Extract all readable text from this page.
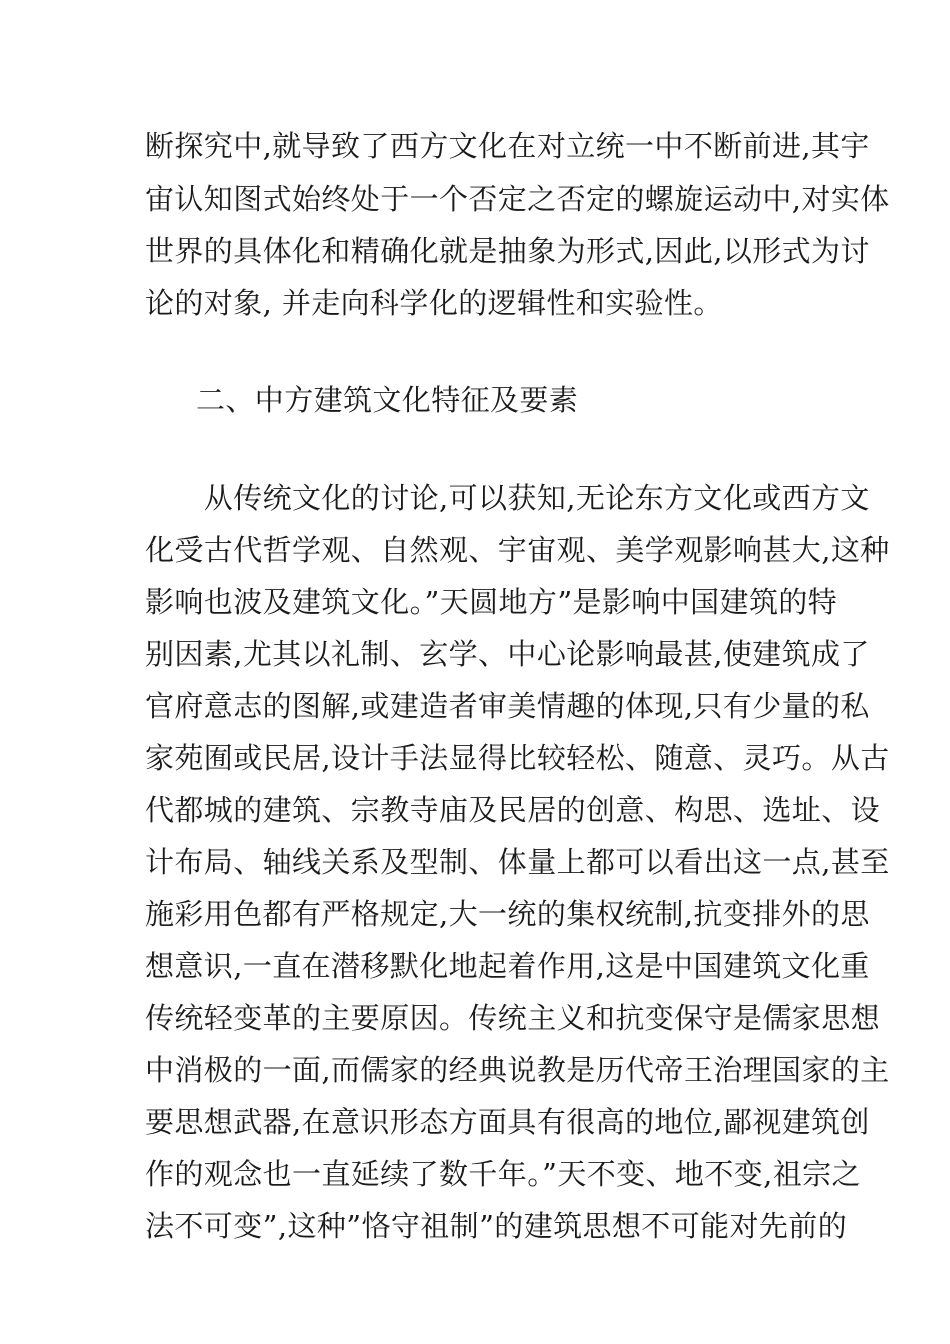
断探究中,就导致了西方文化在对立统一中不断前进,其宇
宙认知图式始终处于一个否定之否定的螺旋运动中,对实体
世界的具体化和精确化就是抽象为形式,因此,以形式为讨
论的对象, 并走向科学化的逻辑性和实验性。
二、中方建筑文化特征及要素
　　从传统文化的讨论,可以获知,无论东方文化或西方文
化受古代哲学观、自然观、宇宙观、美学观影响甚大,这种
影响也波及建筑文化。”天圆地方”是影响中国建筑的特
别因素,尤其以礼制、玄学、中心论影响最甚,使建筑成了
官府意志的图解,或建造者审美情趣的体现,只有少量的私
家苑囿或民居,设计手法显得比较轻松、随意、灵巧。从古
代都城的建筑、宗教寺庙及民居的创意、构思、选址、设
计布局、轴线关系及型制、体量上都可以看出这一点,甚至
施彩用色都有严格规定,大一统的集权统制,抗变排外的思
想意识,一直在潜移默化地起着作用,这是中国建筑文化重
传统轻变革的主要原因。传统主义和抗变保守是儒家思想
中消极的一面,而儒家的经典说教是历代帝王治理国家的主
要思想武器,在意识形态方面具有很高的地位,鄙视建筑创
作的观念也一直延续了数千年。”天不变、地不变,祖宗之
法不可变”,这种”恪守祖制”的建筑思想不可能对先前的
